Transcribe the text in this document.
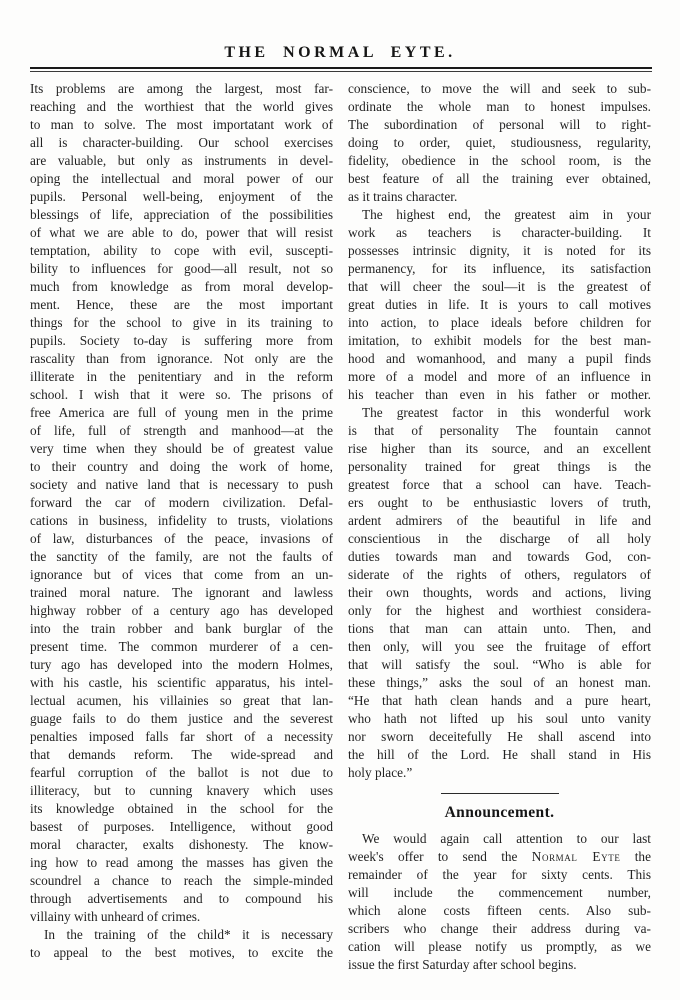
THE NORMAL EYTE.
Its problems are among the largest, most far-
reaching and the worthiest that the world gives
to man to solve. The most importatant work of
all is character-building. Our school exercises
are valuable, but only as instruments in devel-
oping the intellectual and moral power of our
pupils. Personal well-being, enjoyment of the
blessings of life, appreciation of the possibilities
of what we are able to do, power that will resist
temptation, ability to cope with evil, suscepti-
bility to influences for good—all result, not so
much from knowledge as from moral develop-
ment. Hence, these are the most important
things for the school to give in its training to
pupils. Society to-day is suffering more from
rascality than from ignorance. Not only are the
illiterate in the penitentiary and in the reform
school. I wish that it were so. The prisons of
free America are full of young men in the prime
of life, full of strength and manhood—at the
very time when they should be of greatest value
to their country and doing the work of home,
society and native land that is necessary to push
forward the car of modern civilization. Defal-
cations in business, infidelity to trusts, violations
of law, disturbances of the peace, invasions of
the sanctity of the family, are not the faults of
ignorance but of vices that come from an un-
trained moral nature. The ignorant and lawless
highway robber of a century ago has developed
into the train robber and bank burglar of the
present time. The common murderer of a cen-
tury ago has developed into the modern Holmes,
with his castle, his scientific apparatus, his intel-
lectual acumen, his villainies so great that lan-
guage fails to do them justice and the severest
penalties imposed falls far short of a necessity
that demands reform. The wide-spread and
fearful corruption of the ballot is not due to
illiteracy, but to cunning knavery which uses
its knowledge obtained in the school for the
basest of purposes. Intelligence, without good
moral character, exalts dishonesty. The know-
ing how to read among the masses has given the
scoundrel a chance to reach the simple-minded
through advertisements and to compound his
villainy with unheard of crimes.
In the training of the child* it is necessary
to appeal to the best motives, to excite the
conscience, to move the will and seek to sub-
ordinate the whole man to honest impulses.
The subordination of personal will to right-
doing to order, quiet, studiousness, regularity,
fidelity, obedience in the school room, is the
best feature of all the training ever obtained,
as it trains character.
The highest end, the greatest aim in your
work as teachers is character-building. It
possesses intrinsic dignity, it is noted for its
permanency, for its influence, its satisfaction
that will cheer the soul—it is the greatest of
great duties in life. It is yours to call motives
into action, to place ideals before children for
imitation, to exhibit models for the best man-
hood and womanhood, and many a pupil finds
more of a model and more of an influence in
his teacher than even in his father or mother.
The greatest factor in this wonderful work
is that of personality The fountain cannot
rise higher than its source, and an excellent
personality trained for great things is the
greatest force that a school can have. Teach-
ers ought to be enthusiastic lovers of truth,
ardent admirers of the beautiful in life and
conscientious in the discharge of all holy
duties towards man and towards God, con-
siderate of the rights of others, regulators of
their own thoughts, words and actions, living
only for the highest and worthiest considera-
tions that man can attain unto. Then, and
then only, will you see the fruitage of effort
that will satisfy the soul. “Who is able for
these things,” asks the soul of an honest man.
“He that hath clean hands and a pure heart,
who hath not lifted up his soul unto vanity
nor sworn deceitefully He shall ascend into
the hill of the Lord. He shall stand in His
holy place.”
Announcement.
We would again call attention to our last
week's offer to send the Normal Eyte the
remainder of the year for sixty cents. This
will include the commencement number,
which alone costs fifteen cents. Also sub-
scribers who change their address during va-
cation will please notify us promptly, as we
issue the first Saturday after school begins.
